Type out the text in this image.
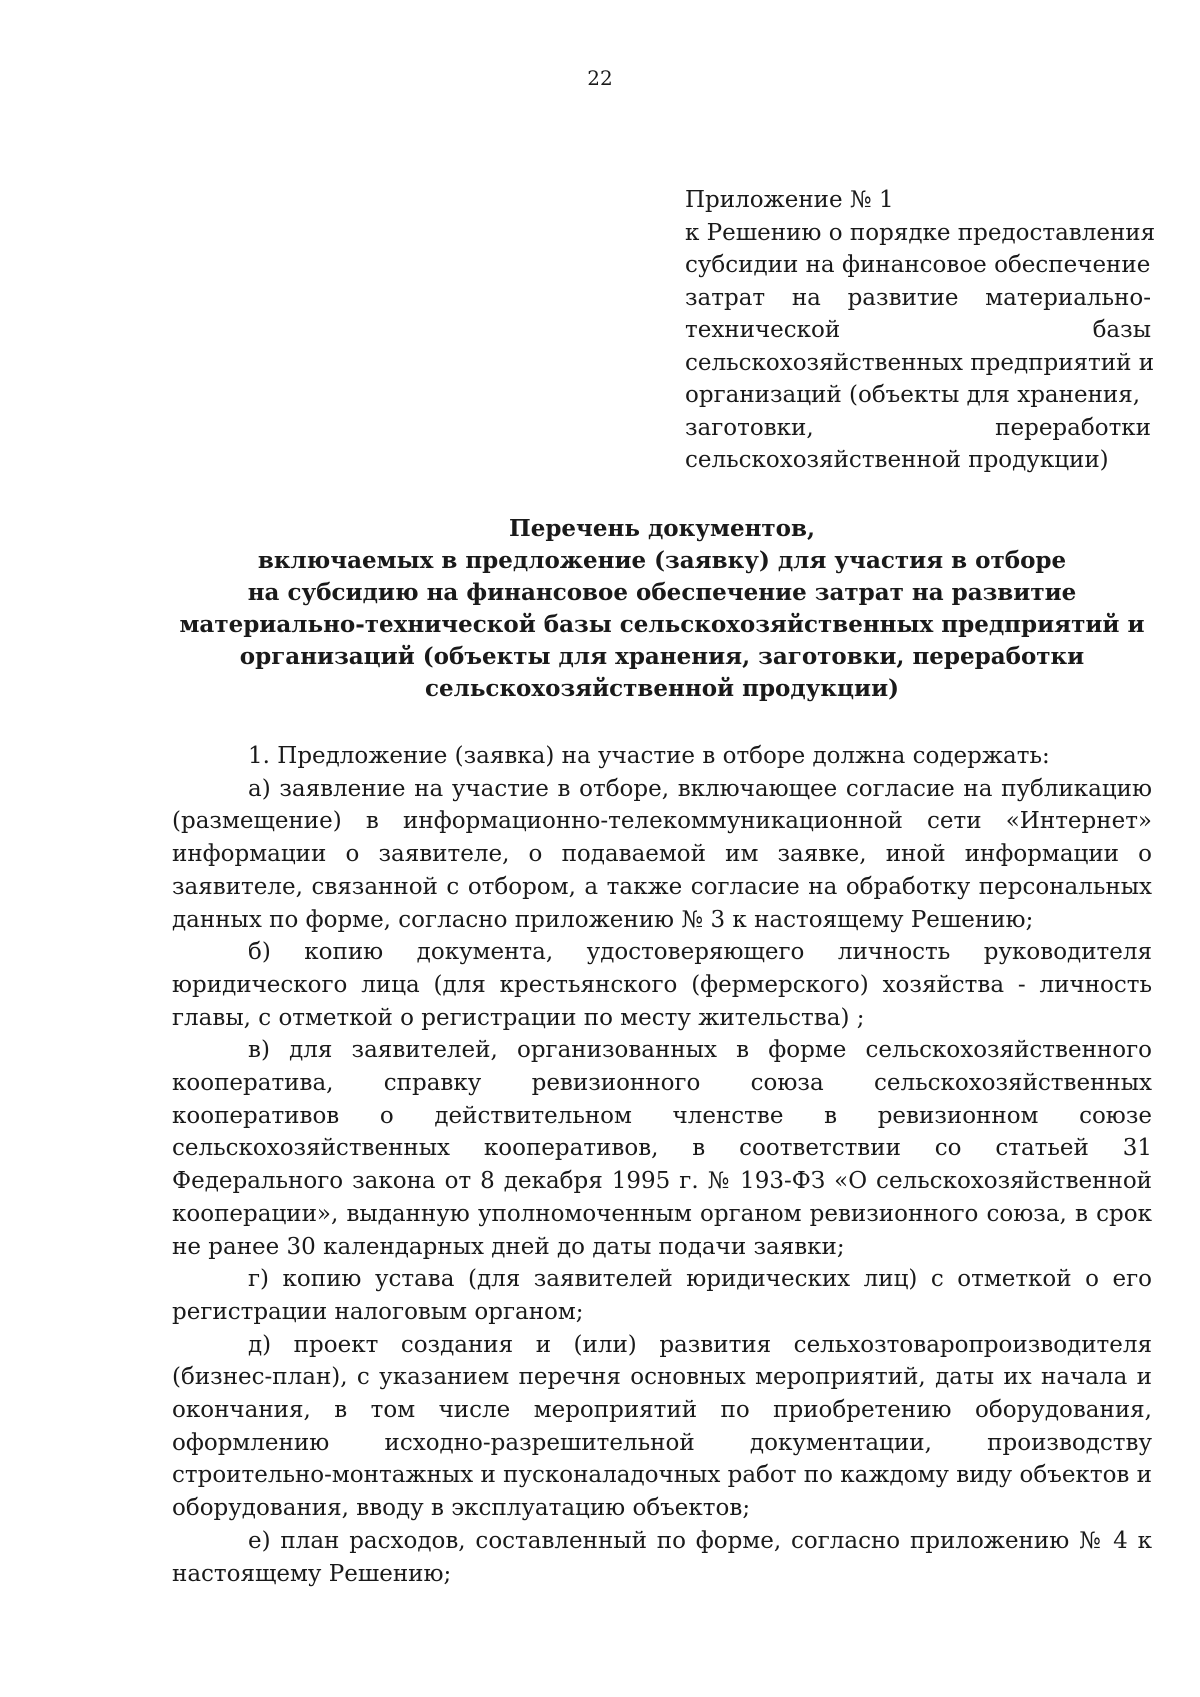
22
Приложение № 1
к Решению о порядке предоставления
субсидии на финансовое обеспечение
затрат на развитие материально-
технической базы
сельскохозяйственных предприятий и
организаций (объекты для хранения,
заготовки, переработки
сельскохозяйственной продукции)
Перечень документов,
включаемых в предложение (заявку) для участия в отборе
на субсидию на финансовое обеспечение затрат на развитие
материально-технической базы сельскохозяйственных предприятий и
организаций (объекты для хранения, заготовки, переработки
сельскохозяйственной продукции)

1. Предложение (заявка) на участие в отборе должна содержать:

а) заявление на участие в отборе, включающее согласие на публикацию (размещение) в информационно-телекоммуникационной сети «Интернет» информации о заявителе, о подаваемой им заявке, иной информации о заявителе, связанной с отбором, а также согласие на обработку персональных данных по форме, согласно приложению № 3 к настоящему Решению;

б) копию документа, удостоверяющего личность руководителя юридического лица (для крестьянского (фермерского) хозяйства - личность главы, с отметкой о регистрации по месту жительства) ;

в) для заявителей, организованных в форме сельскохозяйственного кооператива, справку ревизионного союза сельскохозяйственных кооперативов о действительном членстве в ревизионном союзе сельскохозяйственных кооперативов, в соответствии со статьей 31 Федерального закона от 8 декабря 1995 г. № 193-ФЗ «О сельскохозяйственной кооперации», выданную уполномоченным органом ревизионного союза, в срок не ранее 30 календарных дней до даты подачи заявки;

г) копию устава (для заявителей юридических лиц) с отметкой о его регистрации налоговым органом;

д) проект создания и (или) развития сельхозтоваропроизводителя (бизнес-план), с указанием перечня основных мероприятий, даты их начала и окончания, в том числе мероприятий по приобретению оборудования, оформлению исходно-разрешительной документации, производству строительно-монтажных и пусконаладочных работ по каждому виду объектов и оборудования, вводу в эксплуатацию объектов;

е) план расходов, составленный по форме, согласно приложению № 4 к настоящему Решению;
